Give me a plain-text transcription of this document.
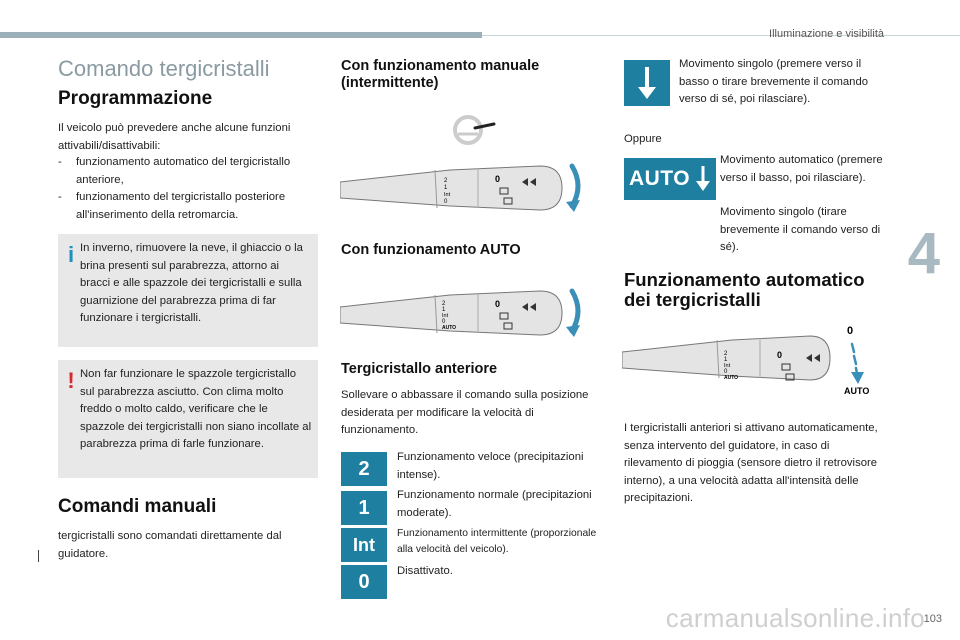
Illuminazione e visibilità
4
carmanualsonline.info
103
Comando tergicristalli
Programmazione
Il veicolo può prevedere anche alcune funzioni attivabili/disattivabili:
- funzionamento automatico del tergicristallo anteriore,
- funzionamento del tergicristallo posteriore all'inserimento della retromarcia.
i In inverno, rimuovere la neve, il ghiaccio o la brina presenti sul parabrezza, attorno ai bracci e alle spazzole dei tergicristalli e sulla guarnizione del parabrezza prima di far funzionare i tergicristalli.
! Non far funzionare le spazzole tergicristallo sul parabrezza asciutto. Con clima molto freddo o molto caldo, verificare che le spazzole dei tergicristalli non siano incollate al parabrezza prima di farle funzionare.
Comandi manuali
tergicristalli sono comandati direttamente dal guidatore.
Con funzionamento manuale (intermittente)
2
1
Int
0
0
Con funzionamento AUTO
2
1
Int
0
AUTO
0
Tergicristallo anteriore
Sollevare o abbassare il comando sulla posizione desiderata per modificare la velocità di funzionamento.
2
Funzionamento veloce (precipitazioni intense).
1
Funzionamento normale (precipitazioni moderate).
Int
Funzionamento intermittente (proporzionale alla velocità del veicolo).
0	Disattivato.
Movimento singolo (premere verso il basso o tirare brevemente il comando verso di sé, poi rilasciare).
Oppure
AUTO
Movimento automatico (premere verso il basso, poi rilasciare).
Movimento singolo (tirare brevemente il comando verso di sé).
Funzionamento automatico dei tergicristalli
2
1
Int
0
AUTO
0
0
AUTO
I tergicristalli anteriori si attivano automaticamente, senza intervento del guidatore, in caso di rilevamento di pioggia (sensore dietro il retrovisore interno), a una velocità adatta all'intensità delle precipitazioni.
